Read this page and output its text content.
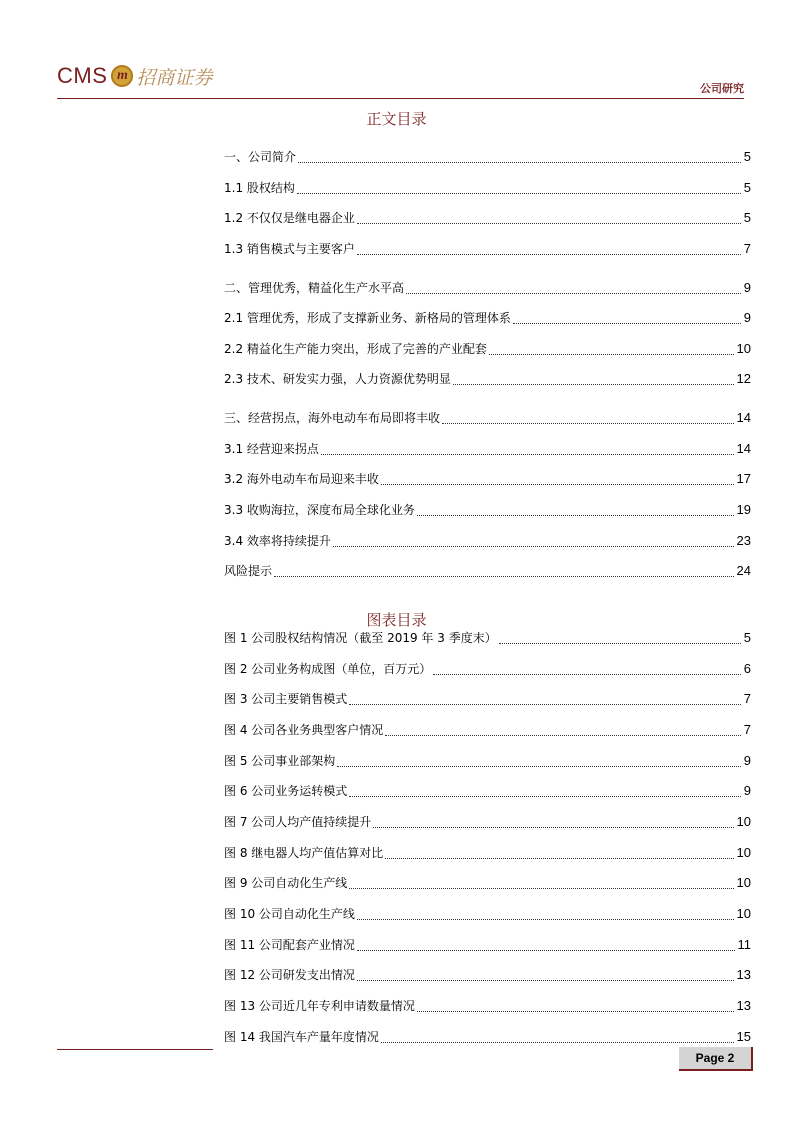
CMS m 招商证券	公司研究
正文目录
一、公司简介	5
1.1 股权结构	5
1.2 不仅仅是继电器企业	5
1.3 销售模式与主要客户	7
二、管理优秀，精益化生产水平高	9
2.1 管理优秀，形成了支撑新业务、新格局的管理体系	9
2.2 精益化生产能力突出，形成了完善的产业配套	10
2.3 技术、研发实力强，人力资源优势明显	12
三、经营拐点，海外电动车布局即将丰收	14
3.1 经营迎来拐点	14
3.2 海外电动车布局迎来丰收	17
3.3 收购海拉，深度布局全球化业务	19
3.4 效率将持续提升	23
风险提示	24
图表目录
图 1 公司股权结构情况（截至 2019 年 3 季度末）	5
图 2 公司业务构成图（单位，百万元）	6
图 3 公司主要销售模式	7
图 4 公司各业务典型客户情况	7
图 5 公司事业部架构	9
图 6 公司业务运转模式	9
图 7 公司人均产值持续提升	10
图 8 继电器人均产值估算对比	10
图 9 公司自动化生产线	10
图 10 公司自动化生产线	10
图 11 公司配套产业情况	11
图 12 公司研发支出情况	13
图 13 公司近几年专利申请数量情况	13
图 14 我国汽车产量年度情况	15
Page 2
